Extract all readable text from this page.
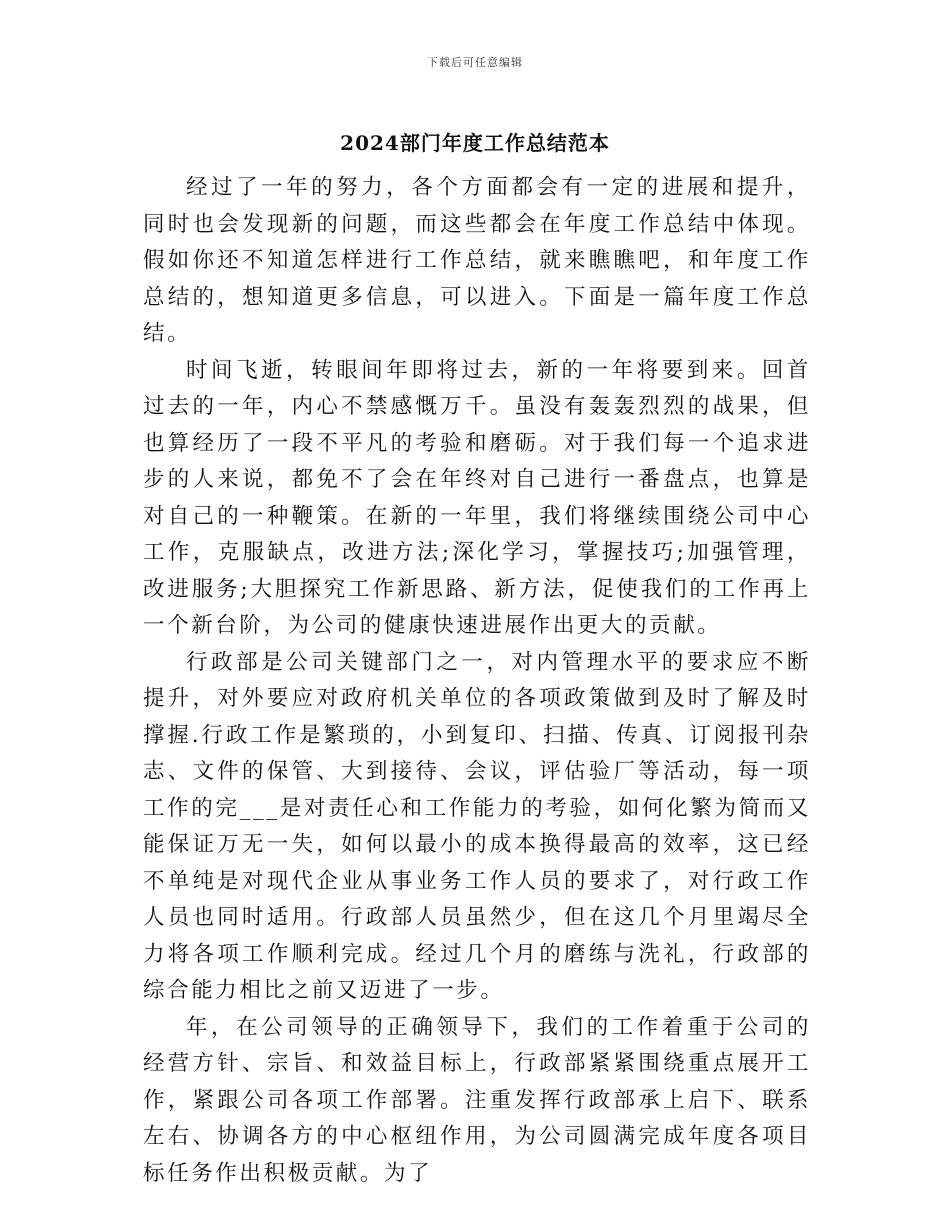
下载后可任意编辑
2024部门年度工作总结范本

经过了一年的努力，各个方面都会有一定的进展和提升，同时也会发现新的问题，而这些都会在年度工作总结中体现。假如你还不知道怎样进行工作总结，就来瞧瞧吧，和年度工作总结的，想知道更多信息，可以进入。下面是一篇年度工作总结。

时间飞逝，转眼间年即将过去，新的一年将要到来。回首过去的一年，内心不禁感慨万千。虽没有轰轰烈烈的战果，但也算经历了一段不平凡的考验和磨砺。对于我们每一个追求进步的人来说，都免不了会在年终对自己进行一番盘点，也算是对自己的一种鞭策。在新的一年里，我们将继续围绕公司中心工作，克服缺点，改进方法;深化学习，掌握技巧;加强管理，改进服务;大胆探究工作新思路、新方法，促使我们的工作再上一个新台阶，为公司的健康快速进展作出更大的贡献。

行政部是公司关键部门之一，对内管理水平的要求应不断提升，对外要应对政府机关单位的各项政策做到及时了解及时撑握.行政工作是繁琐的，小到复印、扫描、传真、订阅报刊杂志、文件的保管、大到接待、会议，评估验厂等活动，每一项工作的完___是对责任心和工作能力的考验，如何化繁为简而又能保证万无一失，如何以最小的成本换得最高的效率，这已经不单纯是对现代企业从事业务工作人员的要求了，对行政工作人员也同时适用。行政部人员虽然少，但在这几个月里竭尽全力将各项工作顺利完成。经过几个月的磨练与洗礼，行政部的综合能力相比之前又迈进了一步。

年，在公司领导的正确领导下，我们的工作着重于公司的经营方针、宗旨、和效益目标上，行政部紧紧围绕重点展开工作，紧跟公司各项工作部署。注重发挥行政部承上启下、联系左右、协调各方的中心枢纽作用，为公司圆满完成年度各项目标任务作出积极贡献。为了
